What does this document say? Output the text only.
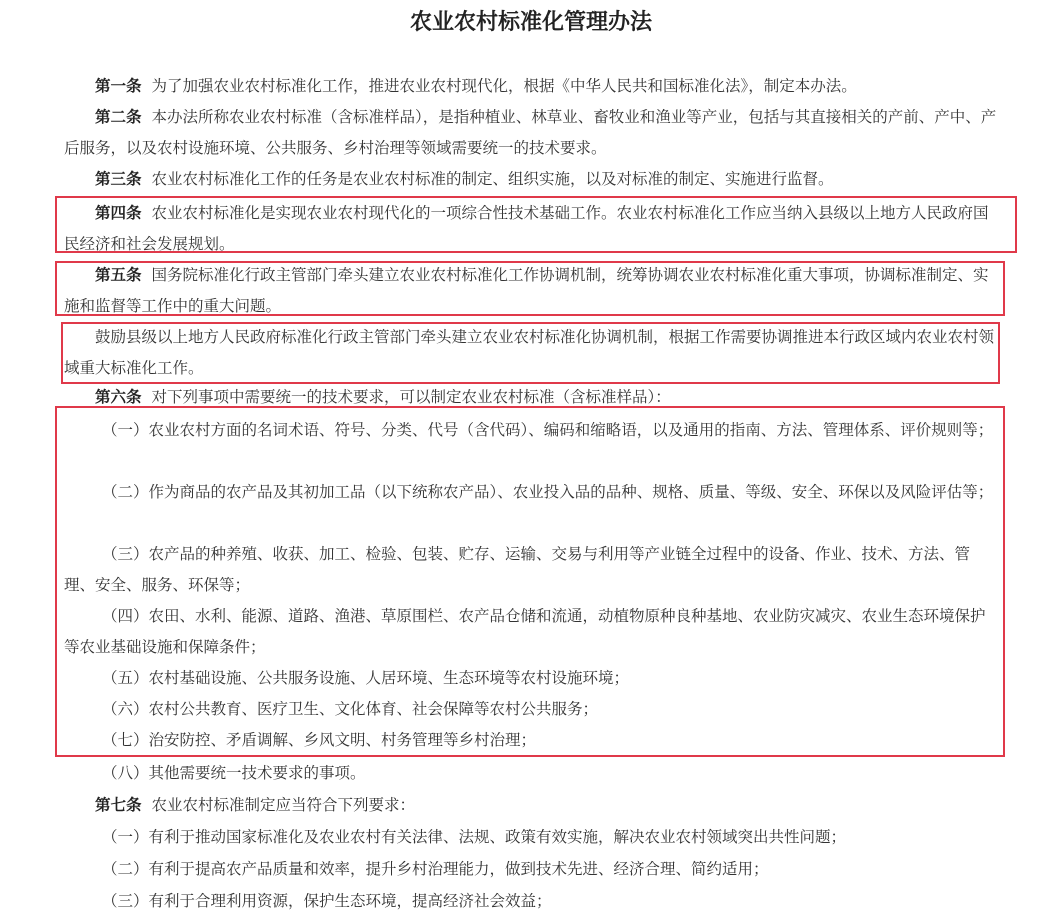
农业农村标准化管理办法
第一条 为了加强农业农村标准化工作，推进农业农村现代化，根据《中华人民共和国标准化法》，制定本办法。
第二条 本办法所称农业农村标准（含标准样品），是指种植业、林草业、畜牧业和渔业等产业，包括与其直接相关的产前、产中、产后服务，以及农村设施环境、公共服务、乡村治理等领域需要统一的技术要求。
第三条 农业农村标准化工作的任务是农业农村标准的制定、组织实施，以及对标准的制定、实施进行监督。
第四条 农业农村标准化是实现农业农村现代化的一项综合性技术基础工作。农业农村标准化工作应当纳入县级以上地方人民政府国民经济和社会发展规划。
第五条 国务院标准化行政主管部门牵头建立农业农村标准化工作协调机制，统筹协调农业农村标准化重大事项，协调标准制定、实施和监督等工作中的重大问题。
鼓励县级以上地方人民政府标准化行政主管部门牵头建立农业农村标准化协调机制，根据工作需要协调推进本行政区域内农业农村领域重大标准化工作。
第六条 对下列事项中需要统一的技术要求，可以制定农业农村标准（含标准样品）：
（一）农业农村方面的名词术语、符号、分类、代号（含代码）、编码和缩略语，以及通用的指南、方法、管理体系、评价规则等；
（二）作为商品的农产品及其初加工品（以下统称农产品）、农业投入品的品种、规格、质量、等级、安全、环保以及风险评估等；
（三）农产品的种养殖、收获、加工、检验、包装、贮存、运输、交易与利用等产业链全过程中的设备、作业、技术、方法、管理、安全、服务、环保等；
（四）农田、水利、能源、道路、渔港、草原围栏、农产品仓储和流通，动植物原种良种基地、农业防灾减灾、农业生态环境保护等农业基础设施和保障条件；
（五）农村基础设施、公共服务设施、人居环境、生态环境等农村设施环境；
（六）农村公共教育、医疗卫生、文化体育、社会保障等农村公共服务；
（七）治安防控、矛盾调解、乡风文明、村务管理等乡村治理；
（八）其他需要统一技术要求的事项。
第七条 农业农村标准制定应当符合下列要求：
（一）有利于推动国家标准化及农业农村有关法律、法规、政策有效实施，解决农业农村领域突出共性问题；
（二）有利于提高农产品质量和效率，提升乡村治理能力，做到技术先进、经济合理、简约适用；
（三）有利于合理利用资源，保护生态环境，提高经济社会效益；
